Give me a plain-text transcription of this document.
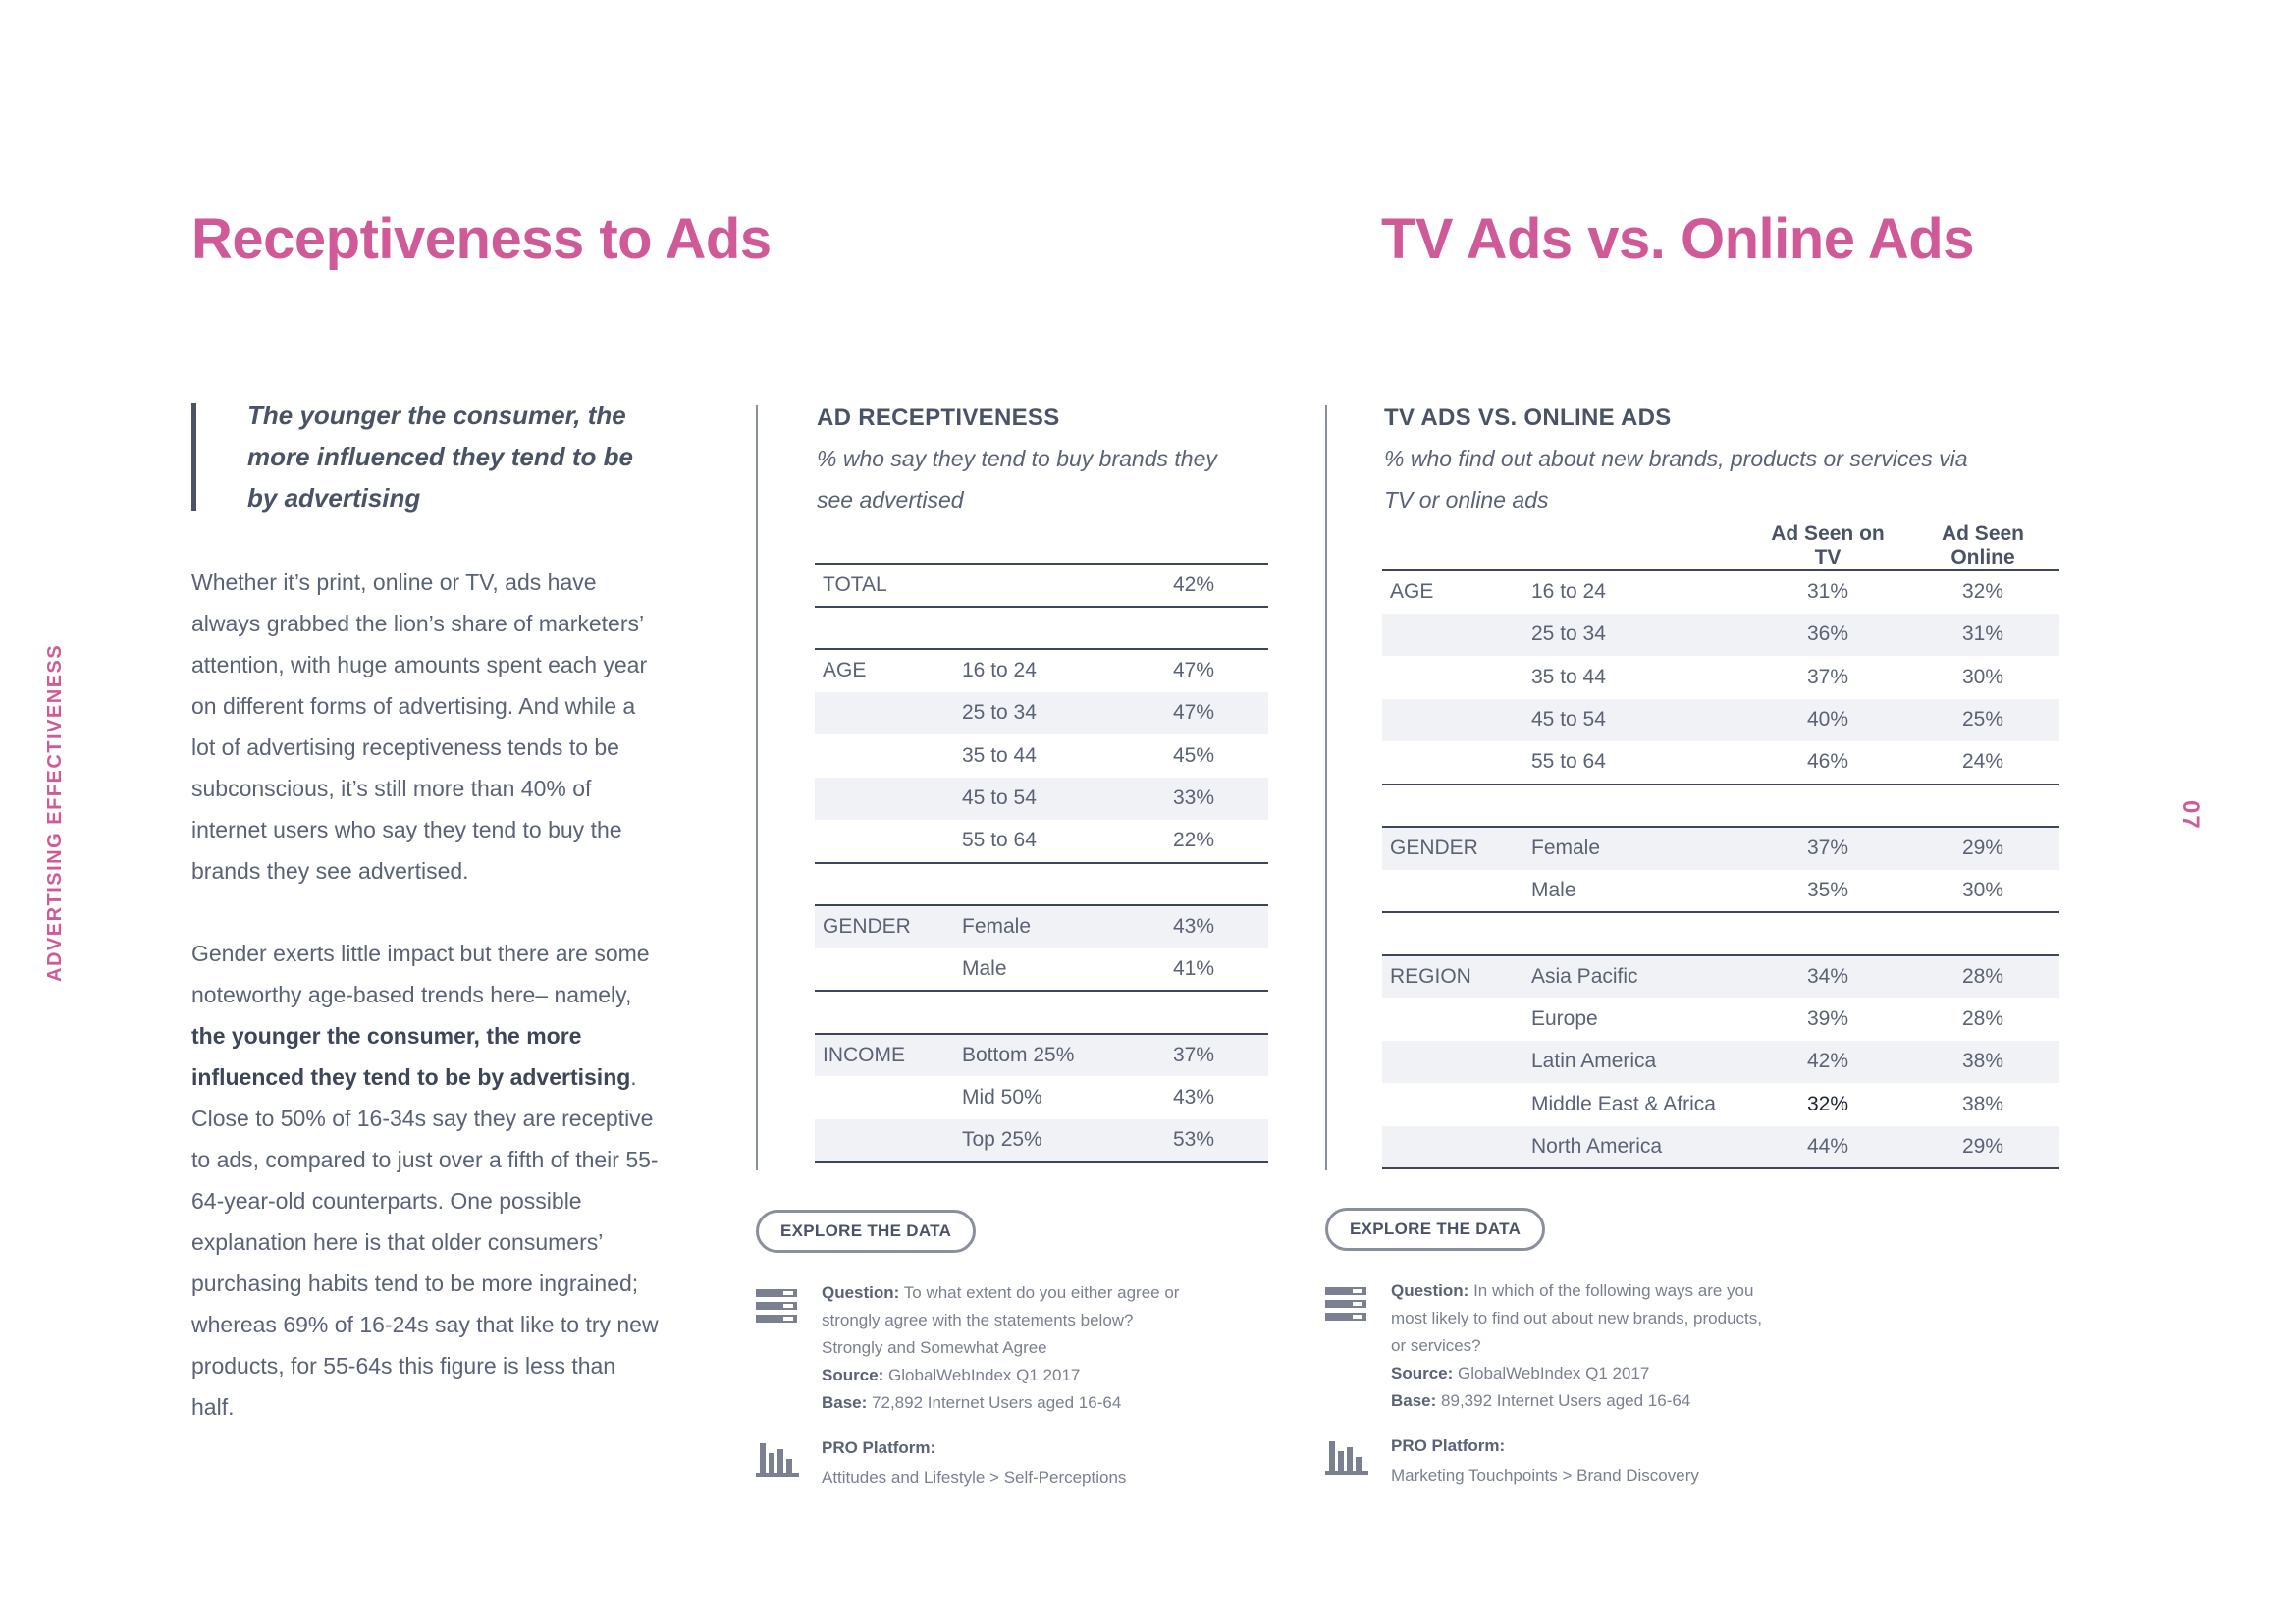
Receptiveness to Ads	TV Ads vs. Online Ads
ADVERTISING EFFECTIVENESS	07
The younger the consumer, the more influenced they tend to be by advertising
Whether it’s print, online or TV, ads have always grabbed the lion’s share of marketers’ attention, with huge amounts spent each year on different forms of advertising. And while a lot of advertising receptiveness tends to be subconscious, it’s still more than 40% of internet users who say they tend to buy the brands they see advertised.
Gender exerts little impact but there are some noteworthy age-based trends here– namely, the younger the consumer, the more influenced they tend to be by advertising. Close to 50% of 16-34s say they are receptive to ads, compared to just over a fifth of their 55-64-year-old counterparts. One possible explanation here is that older consumers’ purchasing habits tend to be more ingrained; whereas 69% of 16-24s say that like to try new products, for 55-64s this figure is less than half.
AD RECEPTIVENESS
% who say they tend to buy brands they see advertised
TOTAL		42%

AGE	16 to 24	47%
	25 to 34	47%
	35 to 44	45%
	45 to 54	33%
	55 to 64	22%

GENDER	Female	43%
	Male	41%

INCOME	Bottom 25%	37%
	Mid 50%	43%
	Top 25%	53%
EXPLORE THE DATA
Question: To what extent do you either agree or strongly agree with the statements below? Strongly and Somewhat Agree
Source: GlobalWebIndex Q1 2017
Base: 72,892 Internet Users aged 16-64
PRO Platform:
Attitudes and Lifestyle > Self-Perceptions
TV ADS VS. ONLINE ADS
% who find out about new brands, products or services via TV or online ads
		Ad Seen on TV	Ad Seen Online
AGE	16 to 24	31%	32%
	25 to 34	36%	31%
	35 to 44	37%	30%
	45 to 54	40%	25%
	55 to 64	46%	24%

GENDER	Female	37%	29%
	Male	35%	30%

REGION	Asia Pacific	34%	28%
	Europe	39%	28%
	Latin America	42%	38%
	Middle East & Africa	32%	38%
	North America	44%	29%
EXPLORE THE DATA
Question: In which of the following ways are you most likely to find out about new brands, products, or services?
Source: GlobalWebIndex Q1 2017
Base: 89,392 Internet Users aged 16-64
PRO Platform:
Marketing Touchpoints > Brand Discovery
